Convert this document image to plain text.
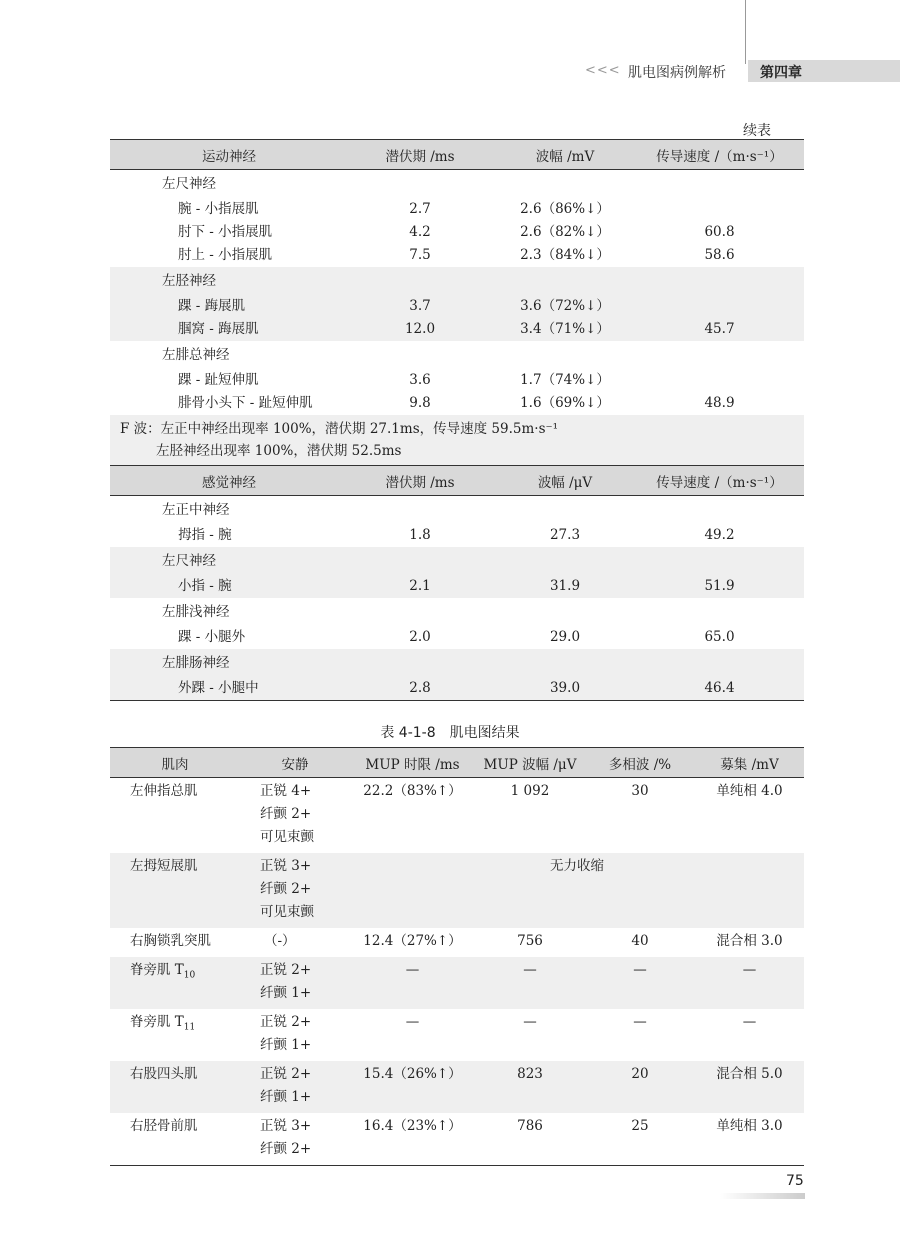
<<< 肌电图病例解析	第四章
续表
运动神经	潜伏期 /ms	波幅 /mV	传导速度 /（m·s⁻¹）
左尺神经			
腕 - 小指展肌	2.7	2.6（86%↓）	
肘下 - 小指展肌	4.2	2.6（82%↓）	60.8
肘上 - 小指展肌	7.5	2.3（84%↓）	58.6
左胫神经			
踝 - 踇展肌	3.7	3.6（72%↓）	
腘窝 - 踇展肌	12.0	3.4（71%↓）	45.7
左腓总神经			
踝 - 趾短伸肌	3.6	1.7（74%↓）	
腓骨小头下 - 趾短伸肌	9.8	1.6（69%↓）	48.9

F 波：左正中神经出现率 100%，潜伏期 27.1ms，传导速度 59.5m·s⁻¹
左胫神经出现率 100%，潜伏期 52.5ms			

感觉神经	潜伏期 /ms	波幅 /μV	传导速度 /（m·s⁻¹）
左正中神经			
拇指 - 腕	1.8	27.3	49.2
左尺神经			
小指 - 腕	2.1	31.9	51.9
左腓浅神经			
踝 - 小腿外	2.0	29.0	65.0
左腓肠神经			
外踝 - 小腿中	2.8	39.0	46.4
表 4-1-8　肌电图结果
肌肉	安静	MUP 时限 /ms	MUP 波幅 /μV	多相波 /%	募集 /mV
左伸指总肌	正锐 4+
纤颤 2+
可见束颤	22.2（83%↑）	1 092	30	单纯相 4.0
左拇短展肌	正锐 3+
纤颤 2+
可见束颤	无力收缩			
右胸锁乳突肌	（-）	12.4（27%↑）	756	40	混合相 3.0
脊旁肌 $T_{10}$	正锐 2+
纤颤 1+	—	—	—	—
脊旁肌 $T_{11}$	正锐 2+
纤颤 1+	—	—	—	—
右股四头肌	正锐 2+
纤颤 1+	15.4（26%↑）	823	20	混合相 5.0
右胫骨前肌	正锐 3+
纤颤 2+	16.4（23%↑）	786	25	单纯相 3.0
75
